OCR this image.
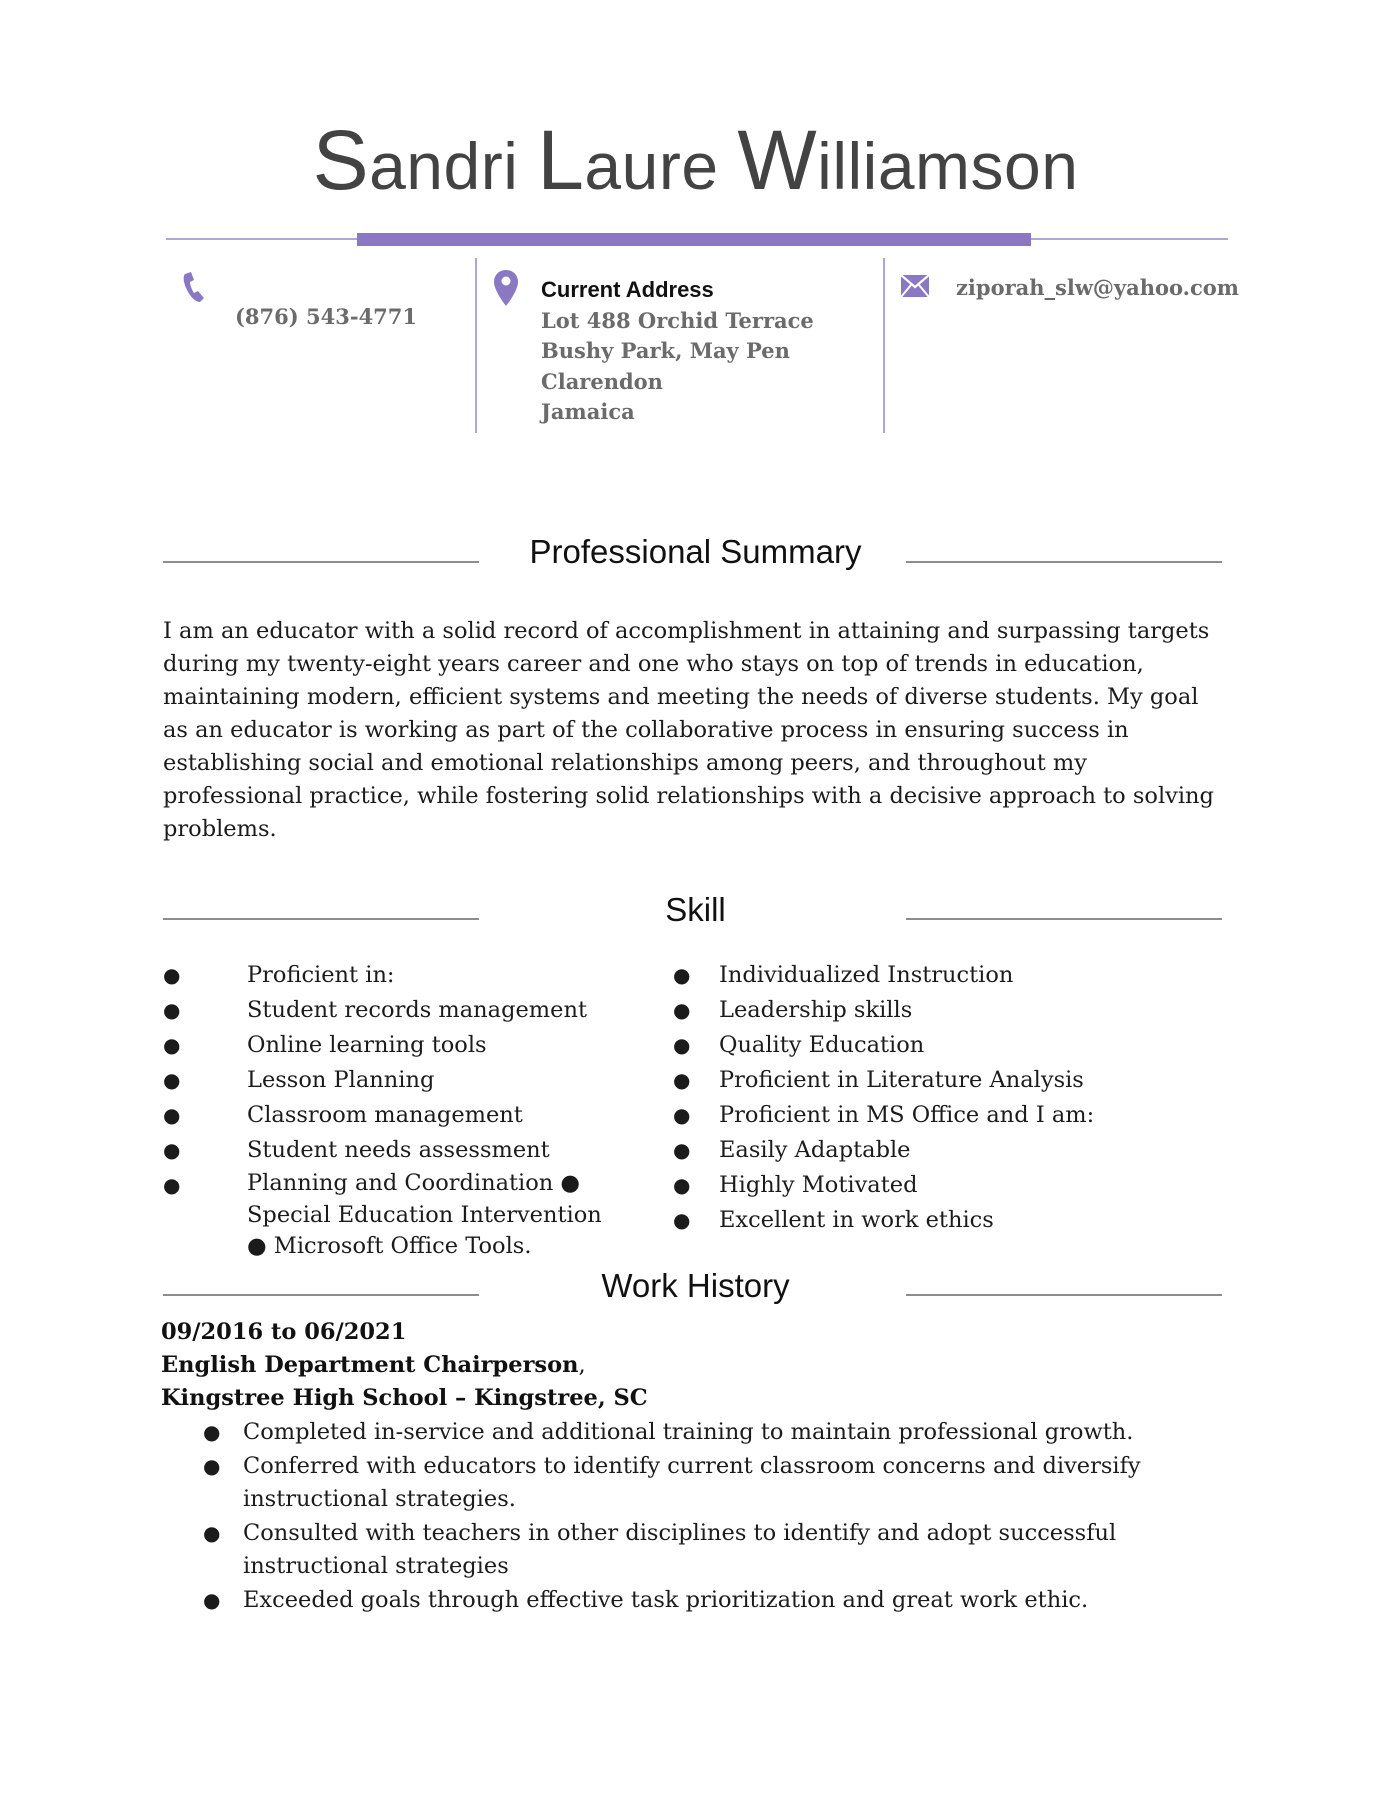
Sandri Laure Williamson
(876) 543-4771
Current Address
Lot 488 Orchid Terrace
Bushy Park, May Pen
Clarendon
Jamaica
ziporah_slw@yahoo.com
Professional Summary

I am an educator with a solid record of accomplishment in attaining and surpassing targets during my twenty-eight years career and one who stays on top of trends in education, maintaining modern, efficient systems and meeting the needs of diverse students. My goal as an educator is working as part of the collaborative process in ensuring success in establishing social and emotional relationships among peers, and throughout my professional practice, while fostering solid relationships with a decisive approach to solving problems.

Skill
●	Proficient in:
●	Student records management
●	Online learning tools
●	Lesson Planning
●	Classroom management
●	Student needs assessment
●	Planning and Coordination ● Special Education Intervention ● Microsoft Office Tools.
● Individualized Instruction
● Leadership skills
● Quality Education
● Proficient in Literature Analysis
● Proficient in MS Office and I am:
● Easily Adaptable
● Highly Motivated
● Excellent in work ethics
Work History
09/2016 to 06/2021
English Department Chairperson,
Kingstree High School – Kingstree, SC
● Completed in-service and additional training to maintain professional growth.
● Conferred with educators to identify current classroom concerns and diversify instructional strategies.
● Consulted with teachers in other disciplines to identify and adopt successful instructional strategies
● Exceeded goals through effective task prioritization and great work ethic.
